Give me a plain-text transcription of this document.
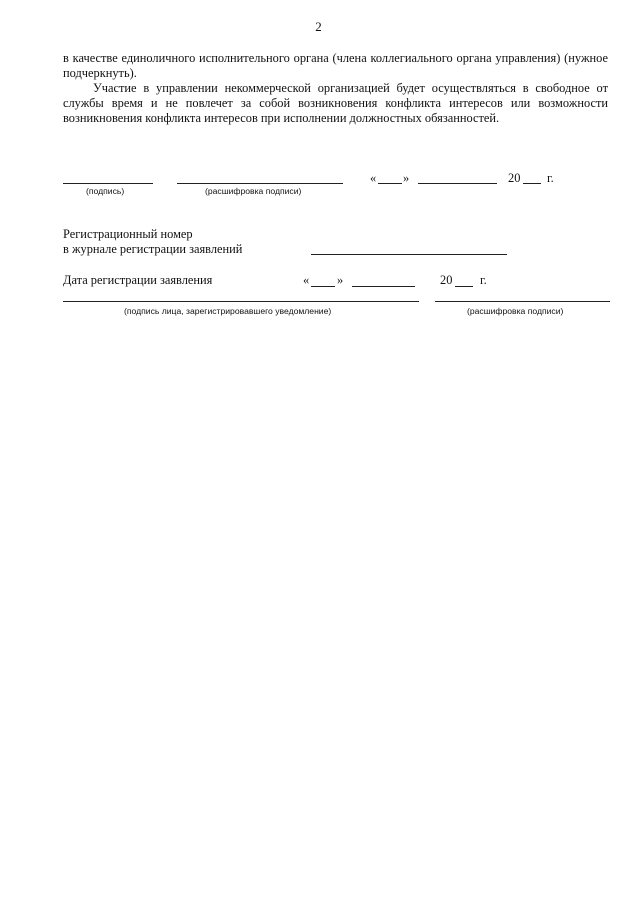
2

в качестве единоличного исполнительного органа (члена коллегиального органа управления) (нужное подчеркнуть).

Участие в управлении некоммерческой организацией будет осуществляться в свободное от службы время и не повлечет за собой возникновения конфликта интересов или возможности возникновения конфликта интересов при исполнении должностных обязанностей.

(подпись)	(расшифровка подписи)
« »	20 г.
Регистрационный номер
в журнале регистрации заявлений
Дата регистрации заявления	« »	20 г.
(подпись лица, зарегистрировавшего уведомление)	(расшифровка подписи)
